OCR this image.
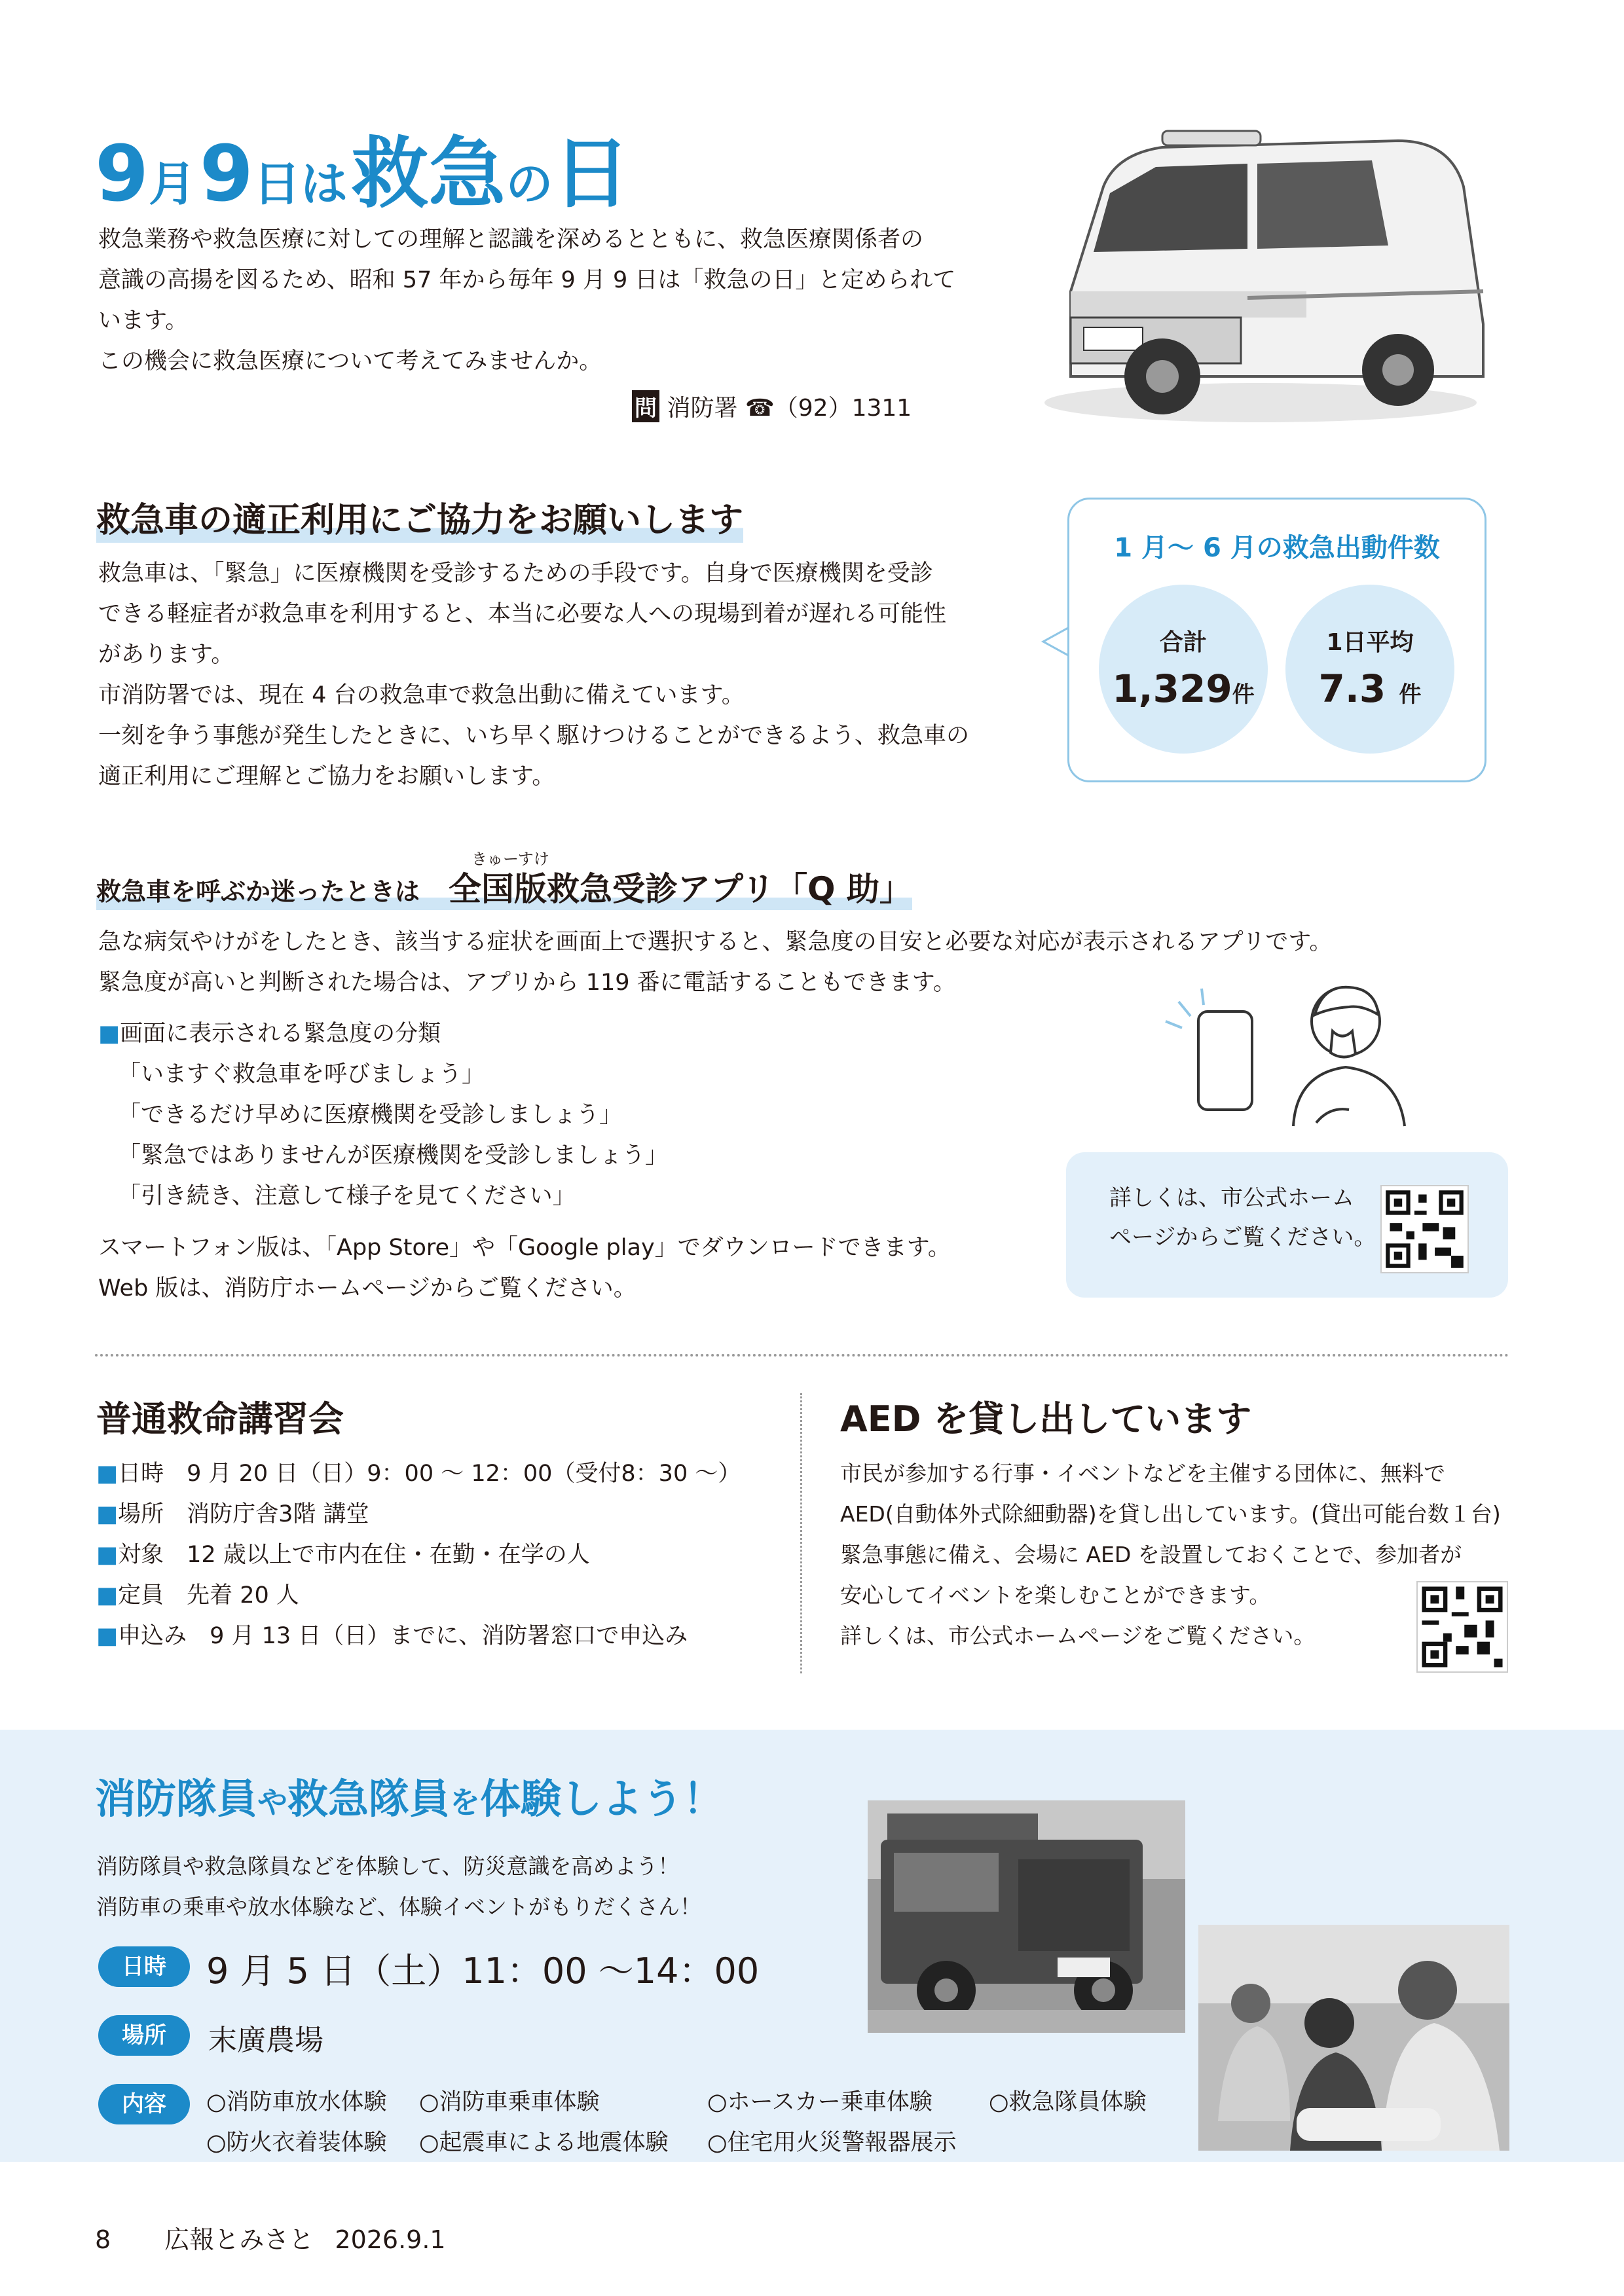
9月 9日は 救急の日
救急業務や救急医療に対しての理解と認識を深めるとともに、救急医療関係者の
意識の高揚を図るため、昭和 57 年から毎年 9 月 9 日は「救急の日」と定められて
います。
この機会に救急医療について考えてみませんか。
問 消防署 ☎（92）1311
救急車の適正利用にご協力をお願いします
救急車は、「緊急」に医療機関を受診するための手段です。自身で医療機関を受診
できる軽症者が救急車を利用すると、本当に必要な人への現場到着が遅れる可能性
があります。
市消防署では、現在 4 台の救急車で救急出動に備えています。
一刻を争う事態が発生したときに、いち早く駆けつけることができるよう、救急車の
適正利用にご理解とご協力をお願いします。
1 月～ 6 月の救急出動件数
合計
1,329件
1日平均
7.3 件
きゅーすけ
救急車を呼ぶか迷ったときは　 全国版救急受診アプリ「Q 助」
急な病気やけがをしたとき、該当する症状を画面上で選択すると、緊急度の目安と必要な対応が表示されるアプリです。
緊急度が高いと判断された場合は、アプリから 119 番に電話することもできます。
■画面に表示される緊急度の分類
「いますぐ救急車を呼びましょう」
「できるだけ早めに医療機関を受診しましょう」
「緊急ではありませんが医療機関を受診しましょう」
「引き続き、注意して様子を見てください」
スマートフォン版は、「App Store」や「Google play」でダウンロードできます。
Web 版は、消防庁ホームページからご覧ください。
詳しくは、市公式ホーム
ページからご覧ください。
普通救命講習会
■日時　 9 月 20 日（日）9：00 ～ 12：00（受付8：30 ～）
■場所　 消防庁舎3階 講堂
■対象　 12 歳以上で市内在住・在勤・在学の人
■定員　 先着 20 人
■申込み　 9 月 13 日（日）までに、消防署窓口で申込み
AED を貸し出しています
市民が参加する行事・イベントなどを主催する団体に、無料で
AED(自動体外式除細動器)を貸し出しています。(貸出可能台数１台)
緊急事態に備え、会場に AED を設置しておくことで、参加者が
安心してイベントを楽しむことができます。
詳しくは、市公式ホームページをご覧ください。
消防隊員や救急隊員を体験しよう！
消防隊員や救急隊員などを体験して、防災意識を高めよう！
消防車の乗車や放水体験など、体験イベントがもりだくさん！
日時	9 月 5 日（土）11：00 ～14：00
場所	末廣農場
内容	○消防車放水体験 ○消防車乗車体験	○ホースカー乗車体験 ○救急隊員体験
○防火衣着装体験 ○起震車による地震体験 ○住宅用火災警報器展示
8 広報とみさと 2026.9.1
